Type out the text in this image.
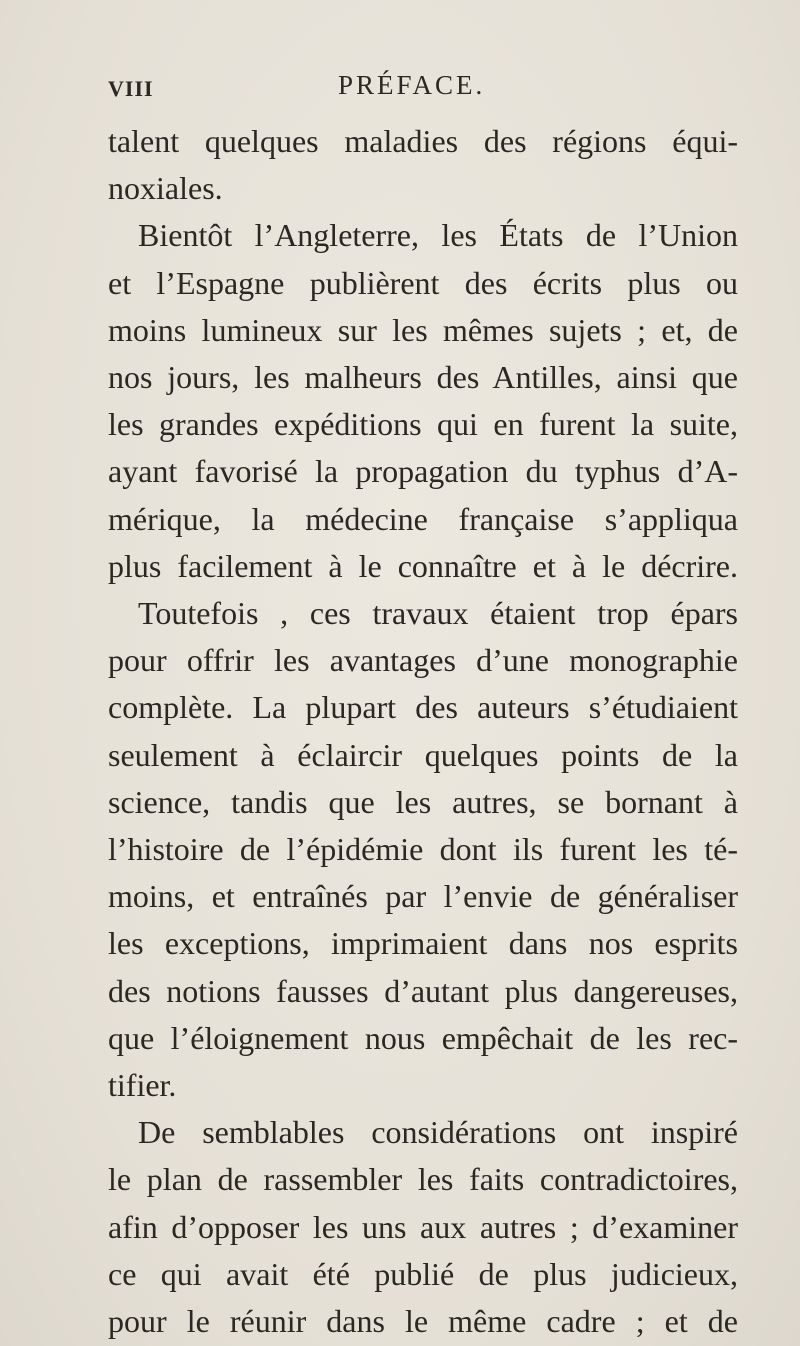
VIII	PRÉFACE.
talent quelques maladies des régions équi-
noxiales.
Bientôt l’Angleterre, les États de l’Union
et l’Espagne publièrent des écrits plus ou
moins lumineux sur les mêmes sujets ; et, de
nos jours, les malheurs des Antilles, ainsi que
les grandes expéditions qui en furent la suite,
ayant favorisé la propagation du typhus d’A-
mérique, la médecine française s’appliqua
plus facilement à le connaître et à le décrire.
Toutefois , ces travaux étaient trop épars
pour offrir les avantages d’une monographie
complète. La plupart des auteurs s’étudiaient
seulement à éclaircir quelques points de la
science, tandis que les autres, se bornant à
l’histoire de l’épidémie dont ils furent les té-
moins, et entraînés par l’envie de généraliser
les exceptions, imprimaient dans nos esprits
des notions fausses d’autant plus dangereuses,
que l’éloignement nous empêchait de les rec-
tifier.
De semblables considérations ont inspiré
le plan de rassembler les faits contradictoires,
afin d’opposer les uns aux autres ; d’examiner
ce qui avait été publié de plus judicieux,
pour le réunir dans le même cadre ; et de
